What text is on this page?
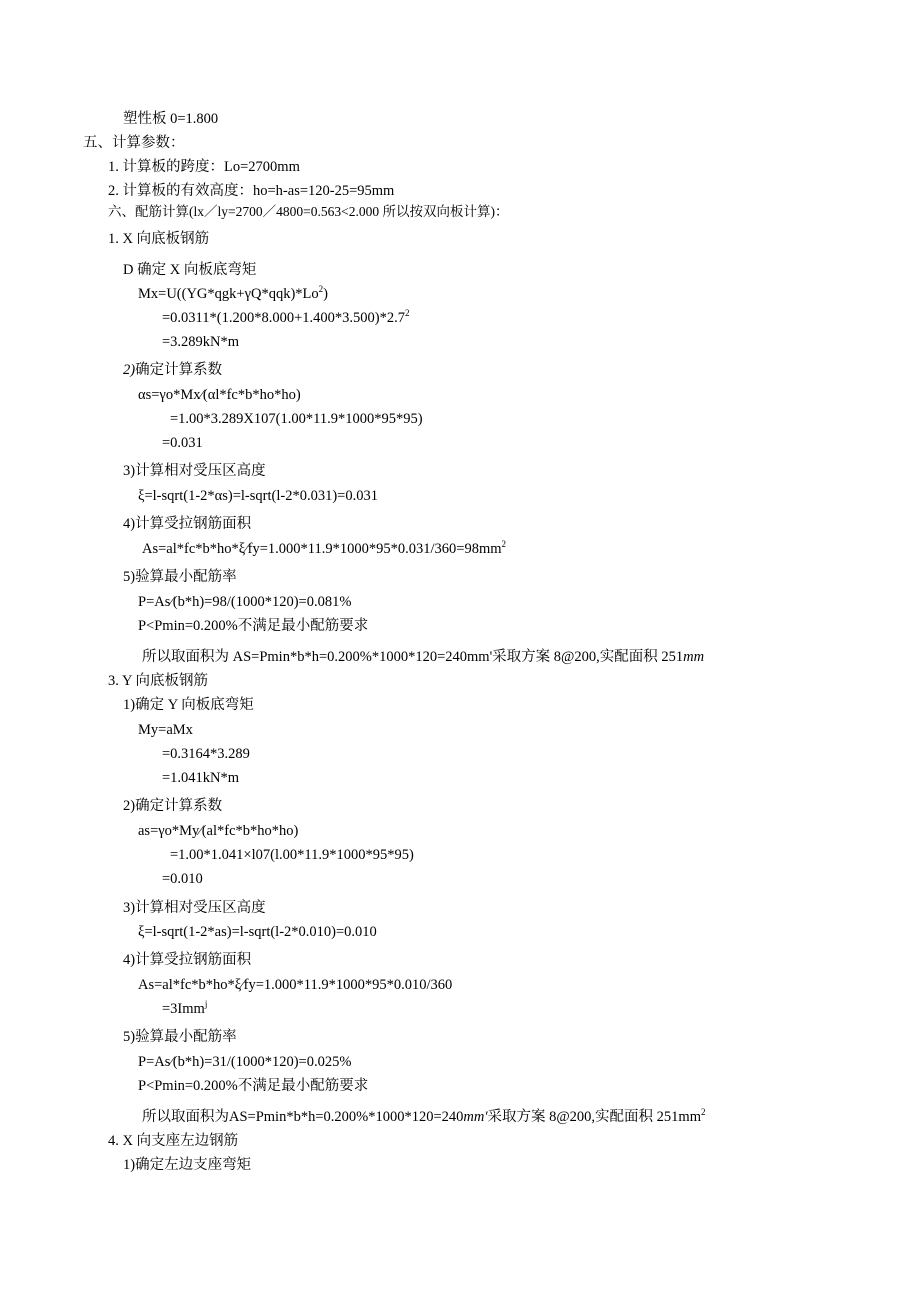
塑性板 0=1.800
五、计算参数：
1. 计算板的跨度：Lo=2700mm
2. 计算板的有效高度：ho=h-as=120-25=95mm
六、配筋计算(lx／ly=2700／4800=0.563<2.000 所以按双向板计算)：
1. X 向底板钢筋
D 确定 X 向板底弯矩
$Mx=U((YG*qgk+\gamma Q*qqk)*Lo^2)$
$=0.0311*(1.200*8.000+1.400*3.500)*2.7^2$
=3.289kN*m
2)确定计算系数
αs=γo*Mx∕(αl*fc*b*ho*ho)
=1.00*3.289X107(1.00*11.9*1000*95*95)
=0.031
3)计算相对受压区高度
ξ=l-sqrt(1-2*αs)=l-sqrt(l-2*0.031)=0.031
4)计算受拉钢筋面积
$As=al*fc*b*ho*\xi∕fy=1.000*11.9*1000*95*0.031/360=98mm^2$
5)验算最小配筋率
P=As∕(b*h)=98/(1000*120)=0.081%
P<Pmin=0.200%不满足最小配筋要求
所以取面积为 AS=Pmin*b*h=0.200%*1000*120=240mm'采取方案 8@200,实配面积 251mm
3. Y 向底板钢筋
1)确定 Y 向板底弯矩
My=aMx
=0.3164*3.289
=1.041kN*m
2)确定计算系数
as=γo*My∕(al*fc*b*ho*ho)
=1.00*1.041×l07(l.00*11.9*1000*95*95)
=0.010
3)计算相对受压区高度
ξ=l-sqrt(1-2*as)=l-sqrt(l-2*0.010)=0.010
4)计算受拉钢筋面积
As=al*fc*b*ho*ξ∕fy=1.000*11.9*1000*95*0.010/360
=3Imm$^j$
5)验算最小配筋率
P=As∕(b*h)=31/(1000*120)=0.025%
P<Pmin=0.200%不满足最小配筋要求
所以取面积为AS=Pmin*b*h=0.200%*1000*120=240mm'采取方案 8@200,实配面积 $251mm^2$
4. X 向支座左边钢筋
1)确定左边支座弯矩
